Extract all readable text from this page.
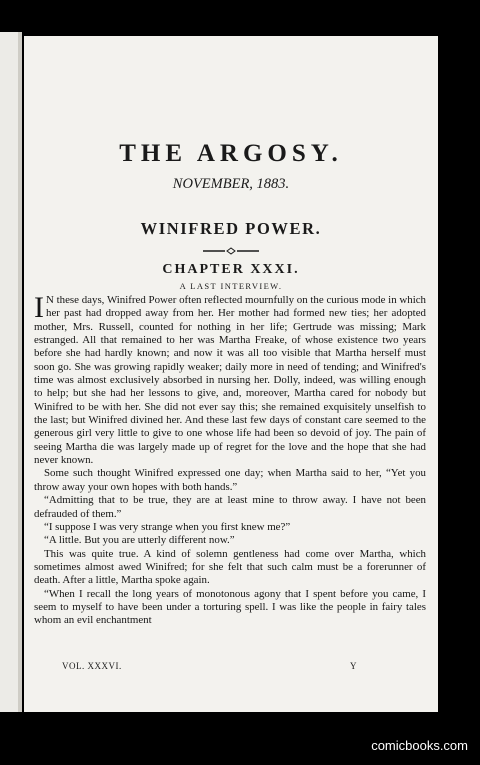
THE ARGOSY.

NOVEMBER, 1883.

WINIFRED POWER.
CHAPTER XXXI.

A LAST INTERVIEW.

I N these days, Winifred Power often reflected mournfully on the curious mode in which her past had dropped away from her. Her mother had formed new ties; her adopted mother, Mrs. Russell, counted for nothing in her life; Gertrude was missing; Mark estranged. All that remained to her was Martha Freake, of whose existence two years before she had hardly known; and now it was all too visible that Martha herself must soon go. She was growing rapidly weaker; daily more in need of tending; and Winifred's time was almost exclusively absorbed in nursing her. Dolly, indeed, was willing enough to help; but she had her lessons to give, and, moreover, Martha cared for nobody but Winifred to be with her. She did not ever say this; she remained exquisitely unselfish to the last; but Winifred divined her. And these last few days of constant care seemed to the generous girl very little to give to one whose life had been so devoid of joy. The pain of seeing Martha die was largely made up of regret for the love and the hope that she had never known.

Some such thought Winifred expressed one day; when Martha said to her, “Yet you throw away your own hopes with both hands.”

“Admitting that to be true, they are at least mine to throw away. I have not been defrauded of them.”

“I suppose I was very strange when you first knew me?”

“A little. But you are utterly different now.”

This was quite true. A kind of solemn gentleness had come over Martha, which sometimes almost awed Winifred; for she felt that such calm must be a forerunner of death. After a little, Martha spoke again.

“When I recall the long years of monotonous agony that I spent before you came, I seem to myself to have been under a torturing spell. I was like the people in fairy tales whom an evil enchantment

VOL. XXXVI.	Y
comicbooks.com
